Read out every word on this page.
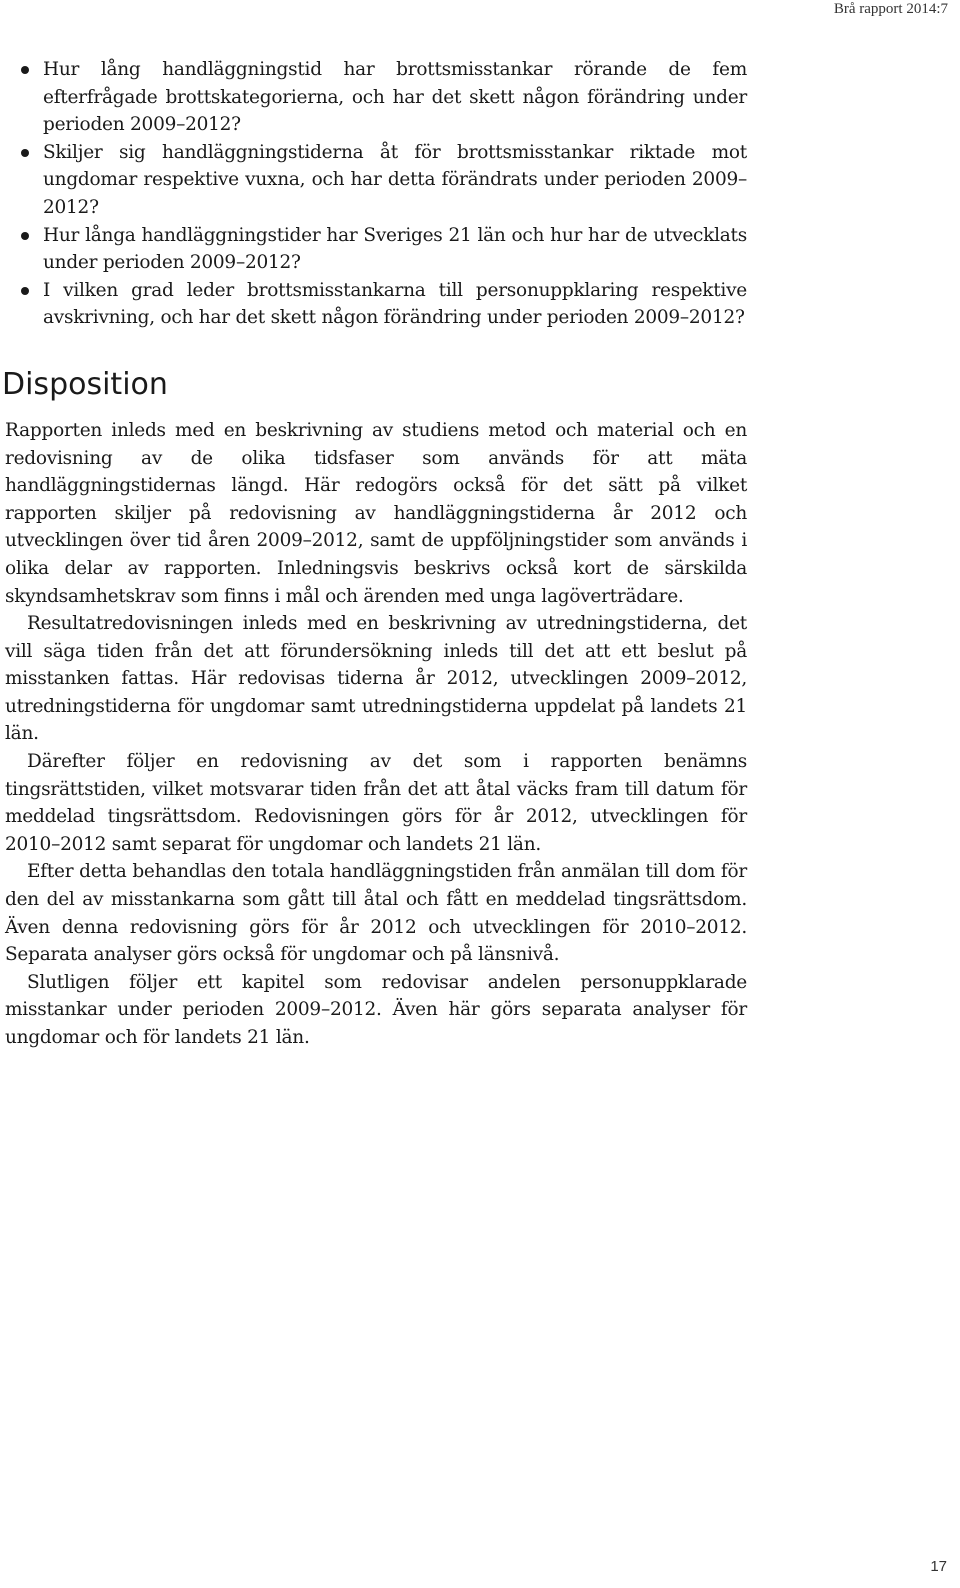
Brå rapport 2014:7
Hur lång handläggningstid har brottsmisstankar rörande de fem efterfrågade brottskategorierna, och har det skett någon förändring under perioden 2009–2012?
Skiljer sig handläggningstiderna åt för brottsmisstankar riktade mot ungdomar respektive vuxna, och har detta förändrats under perioden 2009–2012?
Hur långa handläggningstider har Sveriges 21 län och hur har de utvecklats under perioden 2009–2012?
I vilken grad leder brottsmisstankarna till personuppklaring respektive avskrivning, och har det skett någon förändring under perioden 2009–2012?
Disposition

Rapporten inleds med en beskrivning av studiens metod och material och en redovisning av de olika tidsfaser som används för att mäta handläggningstidernas längd. Här redogörs också för det sätt på vilket rapporten skiljer på redovisning av handläggningstiderna år 2012 och utvecklingen över tid åren 2009–2012, samt de uppföljningstider som används i olika delar av rapporten. Inledningsvis beskrivs också kort de särskilda skyndsamhetskrav som finns i mål och ärenden med unga lagöverträdare.

Resultatredovisningen inleds med en beskrivning av utredningstiderna, det vill säga tiden från det att förundersökning inleds till det att ett beslut på misstanken fattas. Här redovisas tiderna år 2012, utvecklingen 2009–2012, utredningstiderna för ungdomar samt utredningstiderna uppdelat på landets 21 län.

Därefter följer en redovisning av det som i rapporten benämns tingsrättstiden, vilket motsvarar tiden från det att åtal väcks fram till datum för meddelad tingsrättsdom. Redovisningen görs för år 2012, utvecklingen för 2010–2012 samt separat för ungdomar och landets 21 län.

Efter detta behandlas den totala handläggningstiden från anmälan till dom för den del av misstankarna som gått till åtal och fått en meddelad tingsrättsdom. Även denna redovisning görs för år 2012 och utvecklingen för 2010–2012. Separata analyser görs också för ungdomar och på länsnivå.

Slutligen följer ett kapitel som redovisar andelen personuppklarade misstankar under perioden 2009–2012. Även här görs separata analyser för ungdomar och för landets 21 län.

17
